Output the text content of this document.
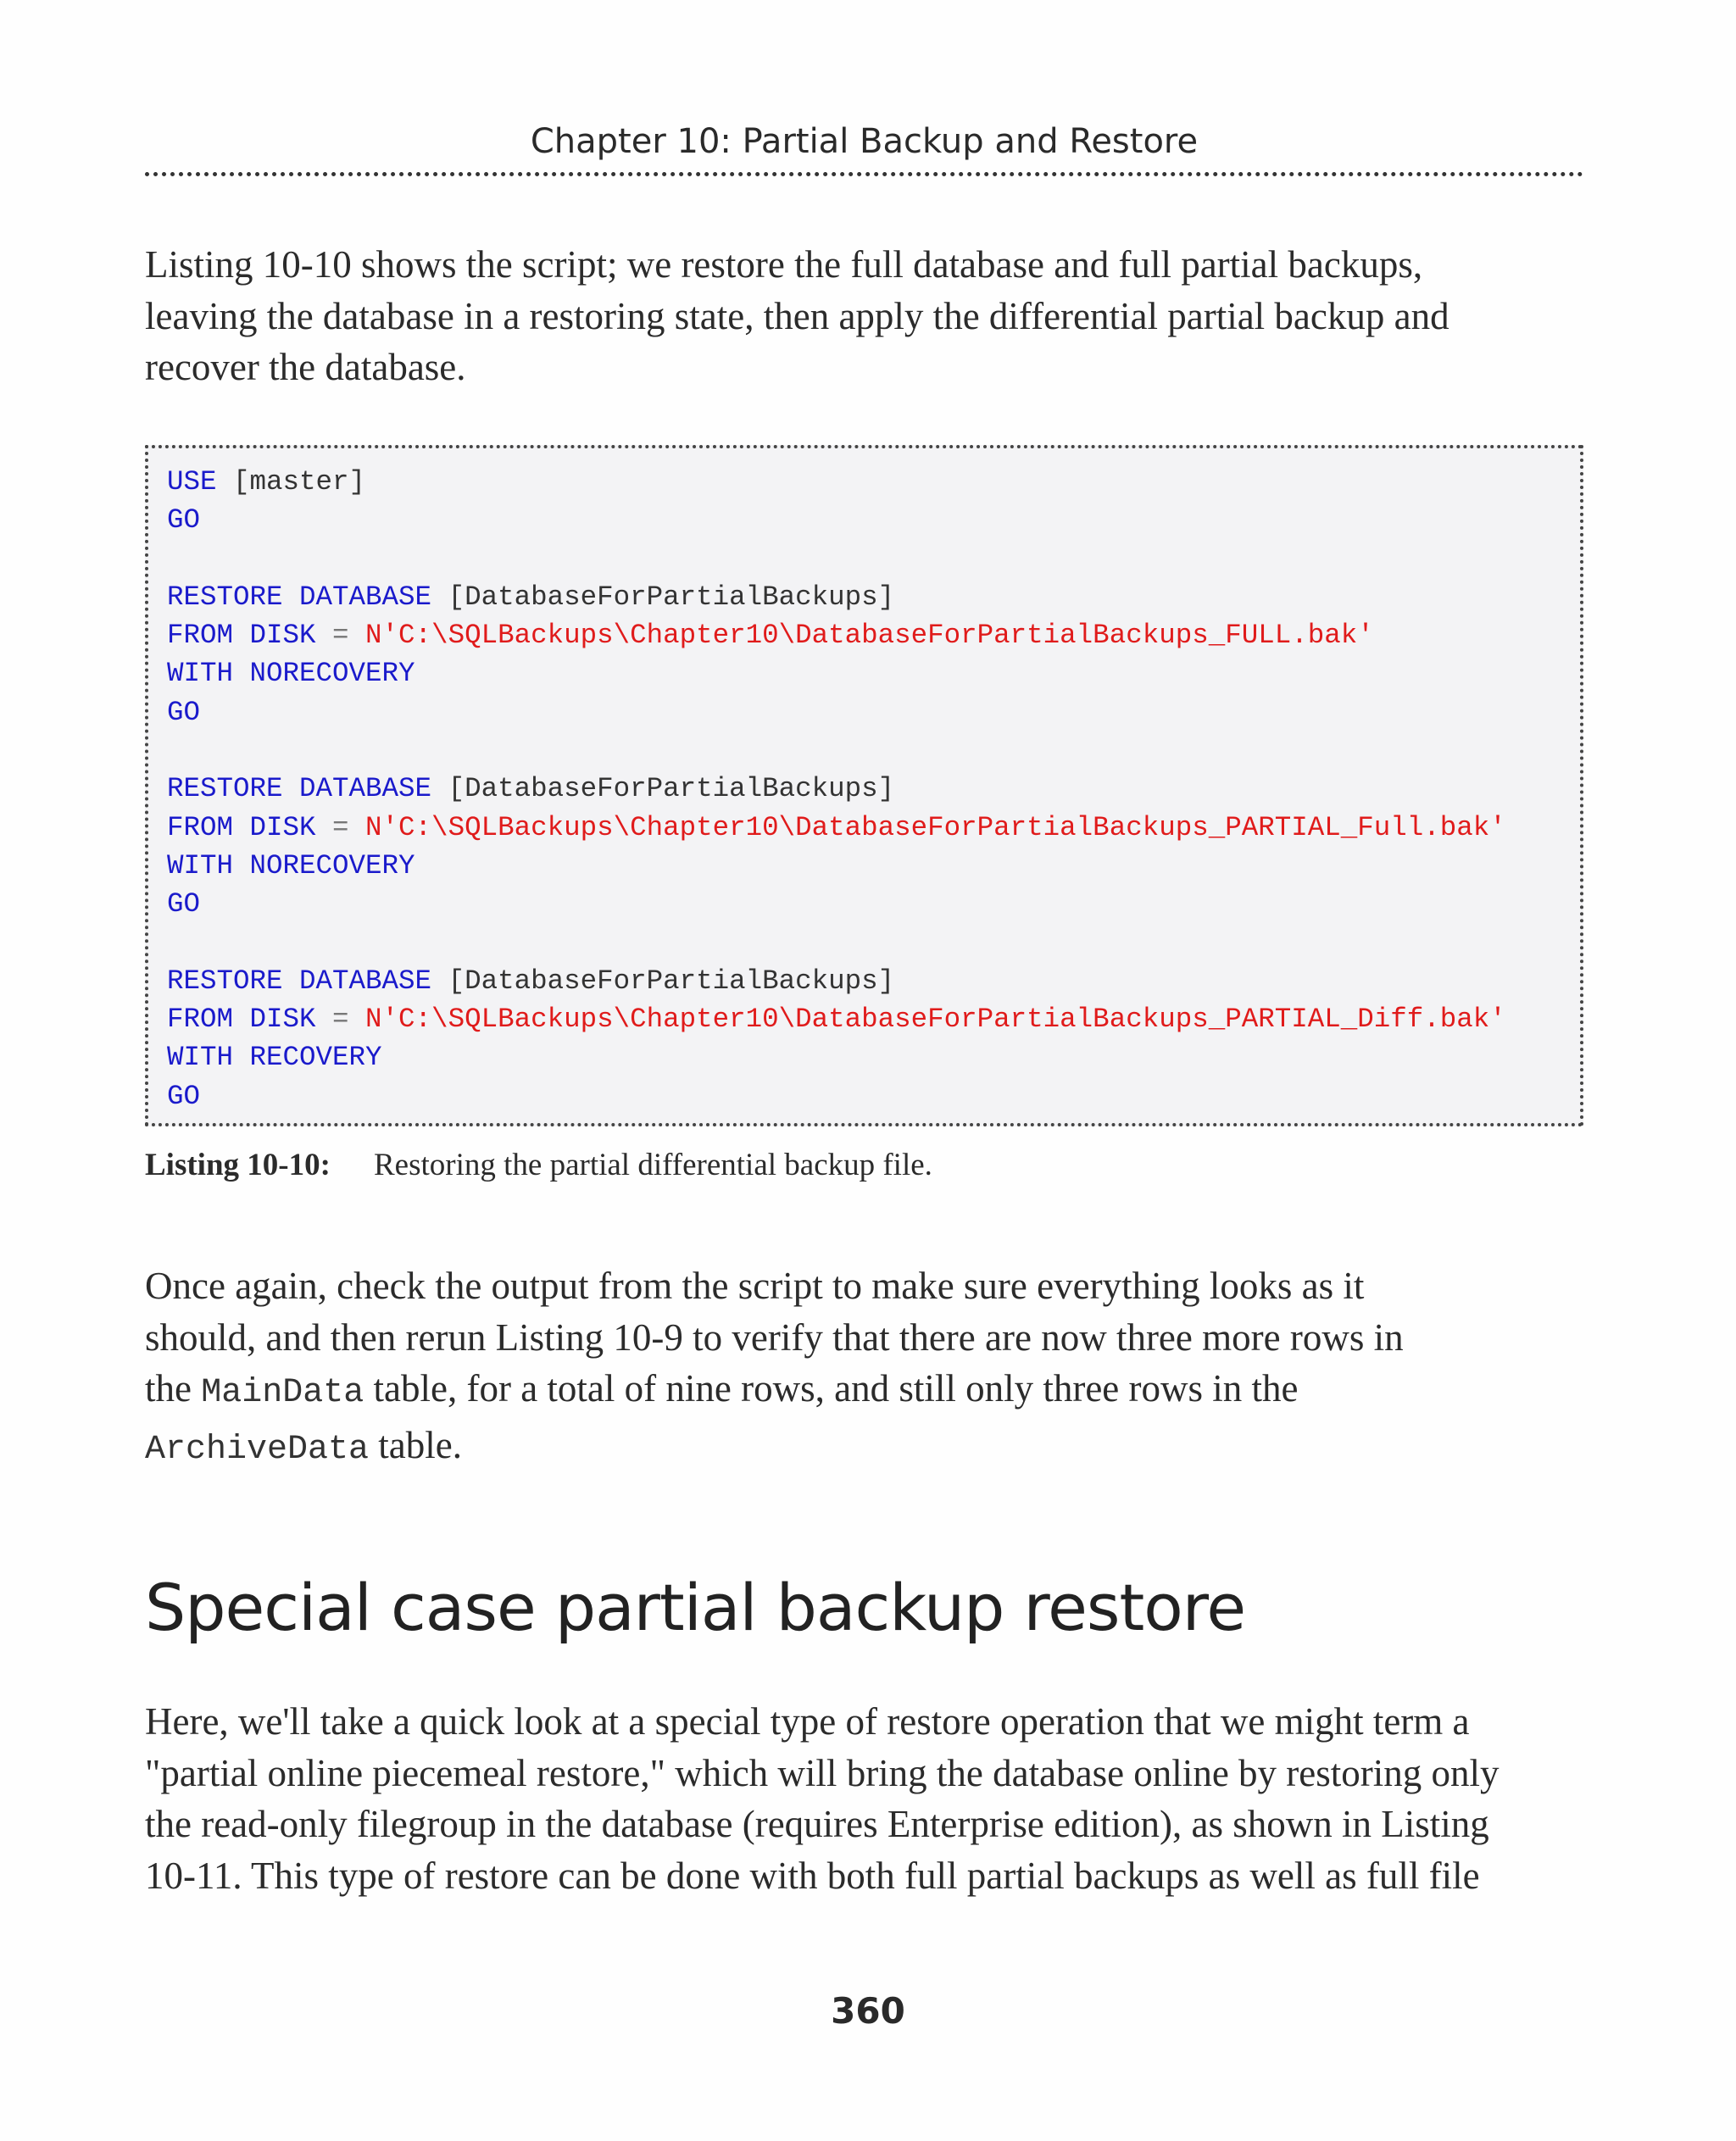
Chapter 10: Partial Backup and Restore

Listing 10-10 shows the script; we restore the full database and full partial backups,
leaving the database in a restoring state, then apply the differential partial backup and
recover the database.

USE [master]
GO
RESTORE DATABASE [DatabaseForPartialBackups]
FROM DISK = N'C:\SQLBackups\Chapter10\DatabaseForPartialBackups_FULL.bak'
WITH NORECOVERY
GO
RESTORE DATABASE [DatabaseForPartialBackups]
FROM DISK = N'C:\SQLBackups\Chapter10\DatabaseForPartialBackups_PARTIAL_Full.bak'
WITH NORECOVERY
GO
RESTORE DATABASE [DatabaseForPartialBackups]
FROM DISK = N'C:\SQLBackups\Chapter10\DatabaseForPartialBackups_PARTIAL_Diff.bak'
WITH RECOVERY
GO
Listing 10-10: Restoring the partial differential backup file.

Once again, check the output from the script to make sure everything looks as it
should, and then rerun Listing 10-9 to verify that there are now three more rows in
the MainData table, for a total of nine rows, and still only three rows in the
ArchiveData table.

Special case partial backup restore

Here, we'll take a quick look at a special type of restore operation that we might term a
"partial online piecemeal restore," which will bring the database online by restoring only
the read-only filegroup in the database (requires Enterprise edition), as shown in Listing
10-11. This type of restore can be done with both full partial backups as well as full file

360
